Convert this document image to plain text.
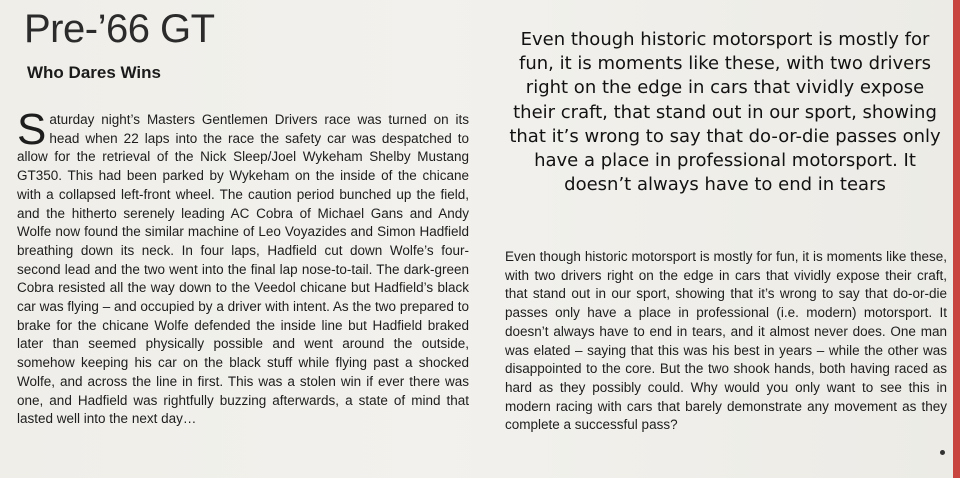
Pre-’66 GT
Who Dares Wins

Saturday night’s Masters Gentlemen Drivers race was turned on its head when 22 laps into the race the safety car was despatched to allow for the retrieval of the Nick Sleep/Joel Wykeham Shelby Mustang GT350. This had been parked by Wykeham on the inside of the chicane with a collapsed left-front wheel. The caution period bunched up the field, and the hitherto serenely leading AC Cobra of Michael Gans and Andy Wolfe now found the similar machine of Leo Voyazides and Simon Hadfield breathing down its neck. In four laps, Hadfield cut down Wolfe’s four-second lead and the two went into the final lap nose-to-tail. The dark-green Cobra resisted all the way down to the Veedol chicane but Hadfield’s black car was flying – and occupied by a driver with intent. As the two prepared to brake for the chicane Wolfe defended the inside line but Hadfield braked later than seemed physically possible and went around the outside, somehow keeping his car on the black stuff while flying past a shocked Wolfe, and across the line in first. This was a stolen win if ever there was one, and Hadfield was rightfully buzzing afterwards, a state of mind that lasted well into the next day…

Even though historic motorsport is mostly for fun, it is moments like these, with two drivers right on the edge in cars that vividly expose their craft, that stand out in our sport, showing that it’s wrong to say that do-or-die passes only have a place in professional motorsport. It doesn’t always have to end in tears

Even though historic motorsport is mostly for fun, it is moments like these, with two drivers right on the edge in cars that vividly expose their craft, that stand out in our sport, showing that it’s wrong to say that do-or-die passes only have a place in professional (i.e. modern) motorsport. It doesn’t always have to end in tears, and it almost never does. One man was elated – saying that this was his best in years – while the other was disappointed to the core. But the two shook hands, both having raced as hard as they possibly could. Why would you only want to see this in modern racing with cars that barely demonstrate any movement as they complete a successful pass?
